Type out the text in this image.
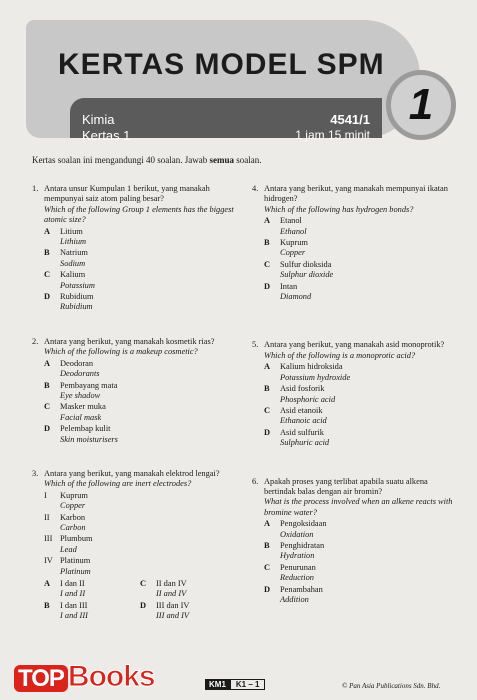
KERTAS MODEL SPM
Kimia
Kertas 1
4541/1
1 jam 15 minit
1
Kertas soalan ini mengandungi 40 soalan. Jawab semua soalan.
1. Antara unsur Kumpulan 1 berikut, yang manakah mempunyai saiz atom paling besar?
Which of the following Group 1 elements has the biggest atomic size?
A Litium
Lithium
B Natrium
Sodium
C Kalium
Potassium
D Rubidium
Rubidium
2. Antara yang berikut, yang manakah kosmetik rias?
Which of the following is a makeup cosmetic?
A Deodoran
Deodorants
B Pembayang mata
Eye shadow
C Masker muka
Facial mask
D Pelembap kulit
Skin moisturisers
3. Antara yang berikut, yang manakah elektrod lengai?
Which of the following are inert electrodes?
I Kuprum
Copper
II Karbon
Carbon
III Plumbum
Lead
IV Platinum
Platinum
A I dan II
I and II
C II dan IV
II and IV
B I dan III
I and III
D III dan IV
III and IV
4. Antara yang berikut, yang manakah mempunyai ikatan hidrogen?
Which of the following has hydrogen bonds?
A Etanol
Ethanol
B Kuprum
Copper
C Sulfur dioksida
Sulphur dioxide
D Intan
Diamond
5. Antara yang berikut, yang manakah asid monoprotik?
Which of the following is a monoprotic acid?
A Kalium hidroksida
Potassium hydroxide
B Asid fosforik
Phosphoric acid
C Asid etanoik
Ethanoic acid
D Asid sulfurik
Sulphuric acid
6. Apakah proses yang terlibat apabila suatu alkena bertindak balas dengan air bromin?
What is the process involved when an alkene reacts with bromine water?
A Pengoksidaan
Oxidation
B Penghidratan
Hydration
C Penurunan
Reduction
D Penambahan
Addition
TOP Books	KM1	K1 – 1	© Pan Asia Publications Sdn. Bhd.
